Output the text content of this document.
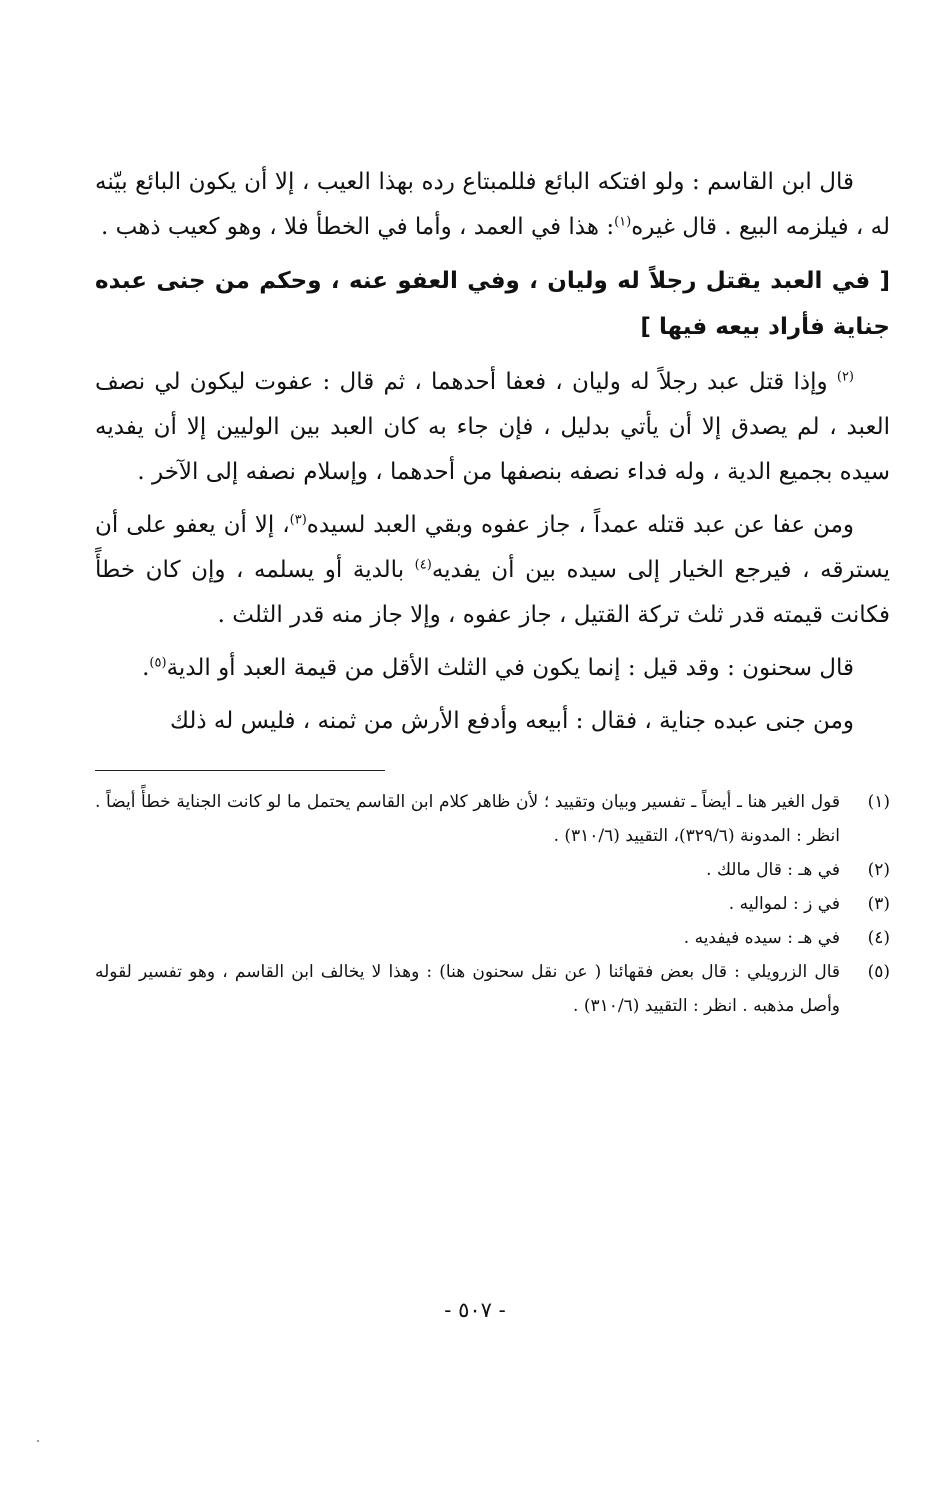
قال ابن القاسم : ولو افتكه البائع فللمبتاع رده بهذا العيب ، إلا أن يكون البائع بيّنه له ، فيلزمه البيع . قال غيره$^{(١)}$: هذا في العمد ، وأما في الخطأ فلا ، وهو كعيب ذهب .

[ في العبد يقتل رجلاً له وليان ، وفي العفو عنه ، وحكم من جنى عبده جناية فأراد بيعه فيها ]

$^{(٢)}$ وإذا قتل عبد رجلاً له وليان ، فعفا أحدهما ، ثم قال : عفوت ليكون لي نصف العبد ، لم يصدق إلا أن يأتي بدليل ، فإن جاء به كان العبد بين الوليين إلا أن يفديه سيده بجميع الدية ، وله فداء نصفه بنصفها من أحدهما ، وإسلام نصفه إلى الآخر .

ومن عفا عن عبد قتله عمداً ، جاز عفوه وبقي العبد لسيده$^{(٣)}$، إلا أن يعفو على أن يسترقه ، فيرجع الخيار إلى سيده بين أن يفديه$^{(٤)}$ بالدية أو يسلمه ، وإن كان خطأً فكانت قيمته قدر ثلث تركة القتيل ، جاز عفوه ، وإلا جاز منه قدر الثلث .

قال سحنون : وقد قيل : إنما يكون في الثلث الأقل من قيمة العبد أو الدية$^{(٥)}$.

ومن جنى عبده جناية ، فقال : أبيعه وأدفع الأرش من ثمنه ، فليس له ذلك

(١)
قول الغير هنا ـ أيضاً ـ تفسير وبيان وتقييد ؛ لأن ظاهر كلام ابن القاسم يحتمل ما لو كانت الجناية خطأً أيضاً . انظر : المدونة (٣٢٩/٦)، التقييد (٣١٠/٦) .
(٢)
في هـ : قال مالك .
(٣)
في ز : لمواليه .
(٤)
في هـ : سيده فيفديه .
(٥)
قال الزرويلي : قال بعض فقهائنا ( عن نقل سحنون هنا) : وهذا لا يخالف ابن القاسم ، وهو تفسير لقوله وأصل مذهبه . انظر : التقييد (٣١٠/٦) .
- ٥٠٧ -
